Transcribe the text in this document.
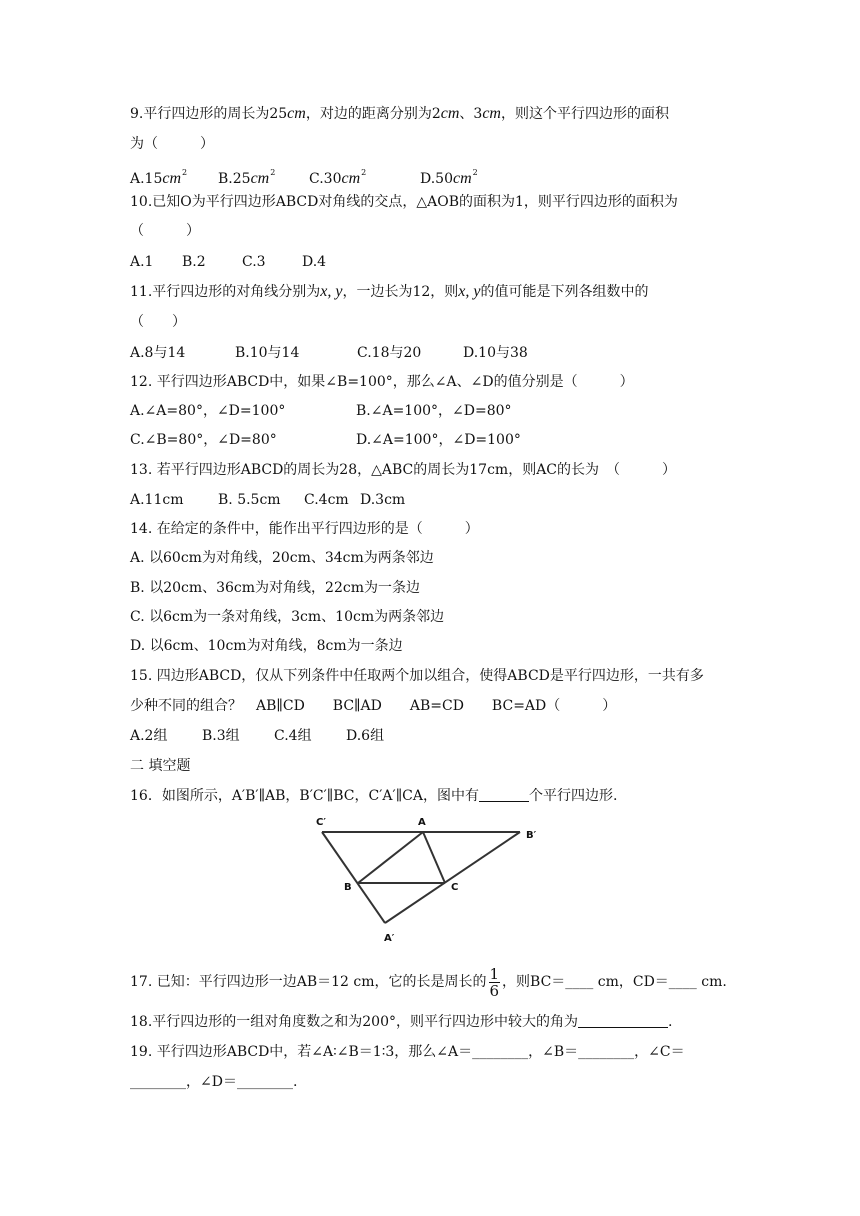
9.平行四边形的周长为25cm，对边的距离分别为2cm、3cm，则这个平行四边形的面积
为（　　　）
$A.15cm^2$ $B.25cm^2$ $C.30cm^2$	$D.50cm^2$
10.已知O为平行四边形ABCD对角线的交点，△AOB的面积为1，则平行四边形的面积为
（　　　）
A.1 B.2	C.3	D.4
11.平行四边形的对角线分别为x, y，一边长为12，则x, y的值可能是下列各组数中的
（　　）
A.8与14	B.10与14	C.18与20	D.10与38
12. 平行四边形ABCD中，如果∠B=100°，那么∠A、∠D的值分别是（　　　）
A.∠A=80°，∠D=100°	B.∠A=100°，∠D=80°
C.∠B=80°，∠D=80°	D.∠A=100°，∠D=100°
13. 若平行四边形ABCD的周长为28，△ABC的周长为17cm，则AC的长为　（　　　）
A.11cm B. 5.5cm C.4cm D.3cm
14. 在给定的条件中，能作出平行四边形的是（　　　）
A. 以60cm为对角线，20cm、34cm为两条邻边
B. 以20cm、36cm为对角线，22cm为一条边
C. 以6cm为一条对角线，3cm、10cm为两条邻边
D. 以6cm、10cm为对角线，8cm为一条边
15. 四边形ABCD，仅从下列条件中任取两个加以组合，使得ABCD是平行四边形，一共有多
少种不同的组合？　AB∥CD　　BC∥AD　　AB=CD　　BC=AD（　　　）
A.2组 B.3组 C.4组 D.6组
二 填空题
16．如图所示，A′B′∥AB，B′C′∥BC，C′A′∥CA，图中有	个平行四边形.
C′	A
B′
B	C
A′
17. 已知：平行四边形一边AB＝12 cm，它的长是周长的 $\frac{1}{6}$ ，则BC＝____ cm，CD＝____ cm.
18.平行四边形的一组对角度数之和为200°，则平行四边形中较大的角为	.
19. 平行四边形ABCD中，若∠A∶∠B＝1∶3，那么∠A＝________，∠B＝________，∠C＝
________，∠D＝________.
